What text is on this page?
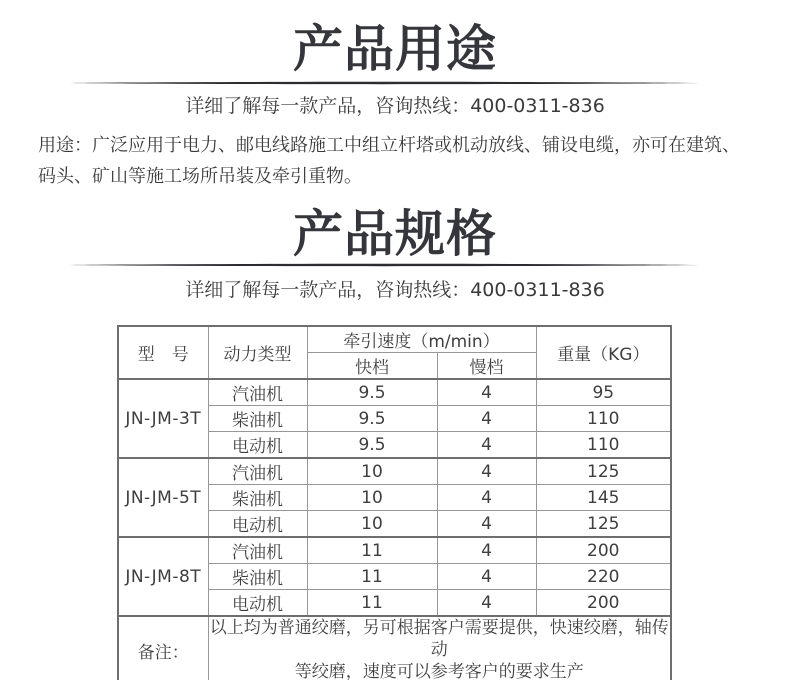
产品用途
详细了解每一款产品，咨询热线：400-0311-836

用途：广泛应用于电力、邮电线路施工中组立杆塔或机动放线、铺设电缆，亦可在建筑、码头、矿山等施工场所吊装及牵引重物。

产品规格
详细了解每一款产品，咨询热线：400-0311-836
型　号	动力类型	牵引速度（m/min）		重量（KG）
		快档	慢档	
JN-JM-3T	汽油机	9.5	4	95
	柴油机	9.5	4	110
	电动机	9.5	4	110
JN-JM-5T	汽油机	10	4	125
	柴油机	10	4	145
	电动机	10	4	125
JN-JM-8T	汽油机	11	4	200
	柴油机	11	4	220
	电动机	11	4	200
备注：	以上均为普通绞磨，另可根据客户需要提供，快速绞磨，轴传动
等绞磨，速度可以参考客户的要求生产			
